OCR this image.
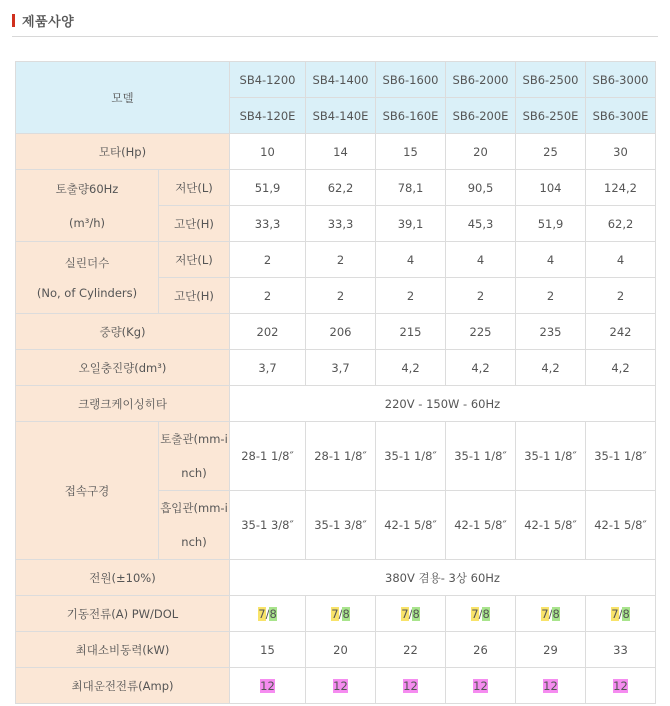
제품사양
모델		SB4-1200	SB4-1400	SB6-1600	SB6-2000	SB6-2500	SB6-3000
		SB4-120E	SB4-140E	SB6-160E	SB6-200E	SB6-250E	SB6-300E
모타(Hp)		10	14	15	20	25	30

토출량60Hz
(m³/h)	저단(L)	51,9	62,2	78,1	90,5	104	124,2
	고단(H)	33,3	33,3	39,1	45,3	51,9	62,2

실린더수
(No, of Cylinders)	저단(L)	2	2	4	4	4	4
	고단(H)	2	2	2	2	2	2
중량(Kg)		202	206	215	225	235	242
오일충진량(dm³)		3,7	3,7	4,2	4,2	4,2	4,2
크랭크케이싱히타		220V - 150W - 60Hz					
접속구경	토출관(mm-inch)	28-1 1/8″	28-1 1/8″	35-1 1/8″	35-1 1/8″	35-1 1/8″	35-1 1/8″
	흡입관(mm-inch)	35-1 3/8″	35-1 3/8″	42-1 5/8″	42-1 5/8″	42-1 5/8″	42-1 5/8″
전원(±10%)		380V 겸용- 3상 60Hz					
기동전류(A) PW/DOL		7/8	7/8	7/8	7/8	7/8	7/8
최대소비동력(kW)		15	20	22	26	29	33
최대운전전류(Amp)		12	12	12	12	12	12
